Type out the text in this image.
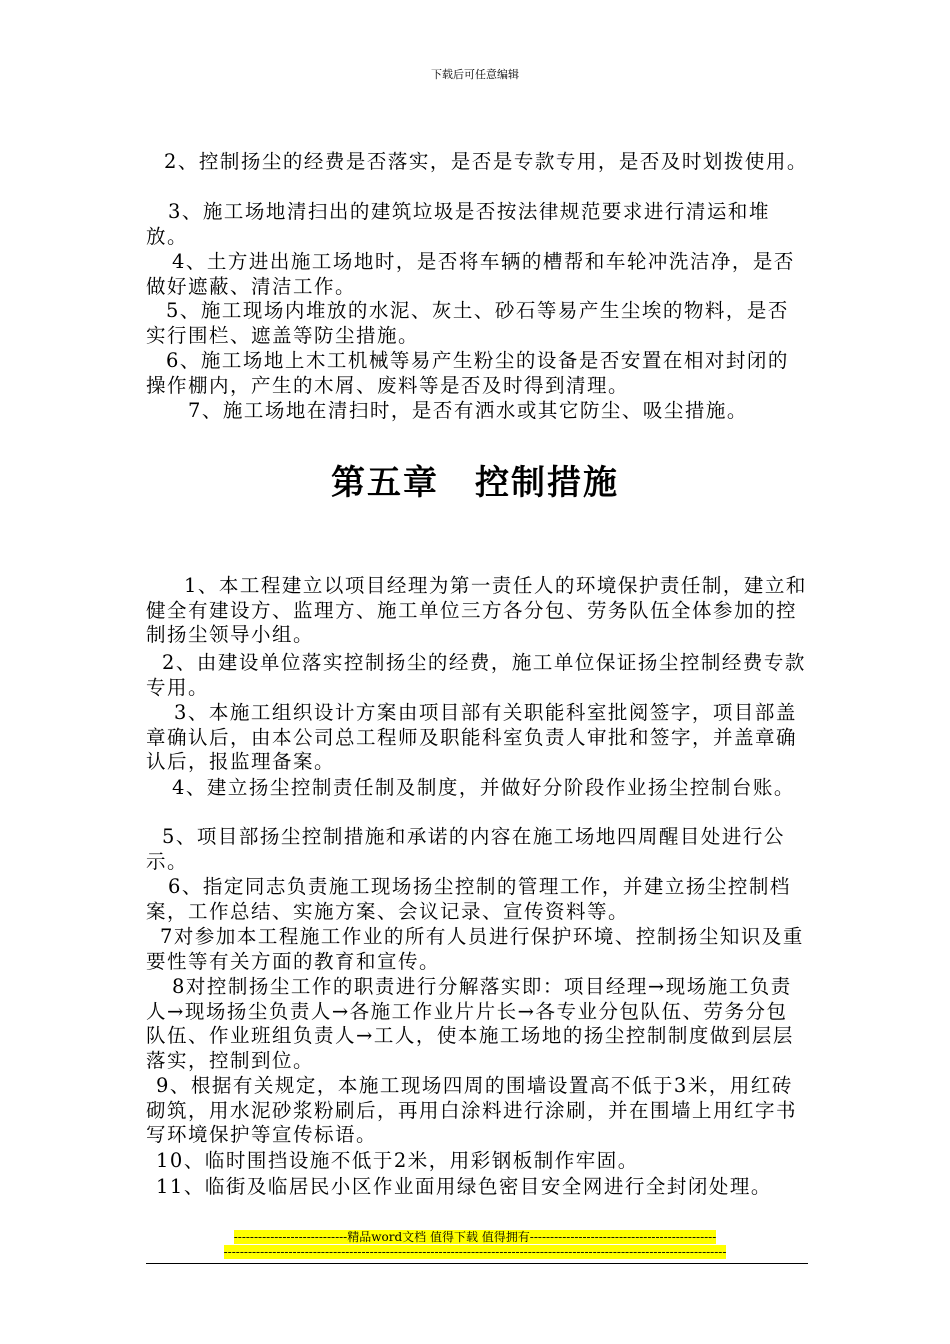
下载后可任意编辑

2、控制扬尘的经费是否落实，是否是专款专用，是否及时划拨使用。

3、施工场地清扫出的建筑垃圾是否按法律规范要求进行清运和堆放。

4、土方进出施工场地时，是否将车辆的槽帮和车轮冲洗洁净，是否做好遮蔽、清洁工作。

5、施工现场内堆放的水泥、灰土、砂石等易产生尘埃的物料，是否实行围栏、遮盖等防尘措施。

6、施工场地上木工机械等易产生粉尘的设备是否安置在相对封闭的操作棚内，产生的木屑、废料等是否及时得到清理。

7、施工场地在清扫时，是否有洒水或其它防尘、吸尘措施。

第五章　控制措施

1、本工程建立以项目经理为第一责任人的环境保护责任制，建立和健全有建设方、监理方、施工单位三方各分包、劳务队伍全体参加的控制扬尘领导小组。

2、由建设单位落实控制扬尘的经费，施工单位保证扬尘控制经费专款专用。

3、本施工组织设计方案由项目部有关职能科室批阅签字，项目部盖章确认后，由本公司总工程师及职能科室负责人审批和签字，并盖章确认后，报监理备案。

4、建立扬尘控制责任制及制度，并做好分阶段作业扬尘控制台账。

5、项目部扬尘控制措施和承诺的内容在施工场地四周醒目处进行公示。

6、指定同志负责施工现场扬尘控制的管理工作，并建立扬尘控制档案，工作总结、实施方案、会议记录、宣传资料等。

7对参加本工程施工作业的所有人员进行保护环境、控制扬尘知识及重要性等有关方面的教育和宣传。

8对控制扬尘工作的职责进行分解落实即：项目经理→现场施工负责人→现场扬尘负责人→各施工作业片片长→各专业分包队伍、劳务分包队伍、作业班组负责人→工人，使本施工场地的扬尘控制制度做到层层落实，控制到位。

9、根据有关规定，本施工现场四周的围墙设置高不低于3米，用红砖砌筑，用水泥砂浆粉刷后，再用白涂料进行涂刷，并在围墙上用红字书写环境保护等宣传标语。

10、临时围挡设施不低于2米，用彩钢板制作牢固。

11、临街及临居民小区作业面用绿色密目安全网进行全封闭处理。

----------------------------精品word文档 值得下载 值得拥有----------------------------------------------
----------------------------------------------------------------------------------------------------------------------------
